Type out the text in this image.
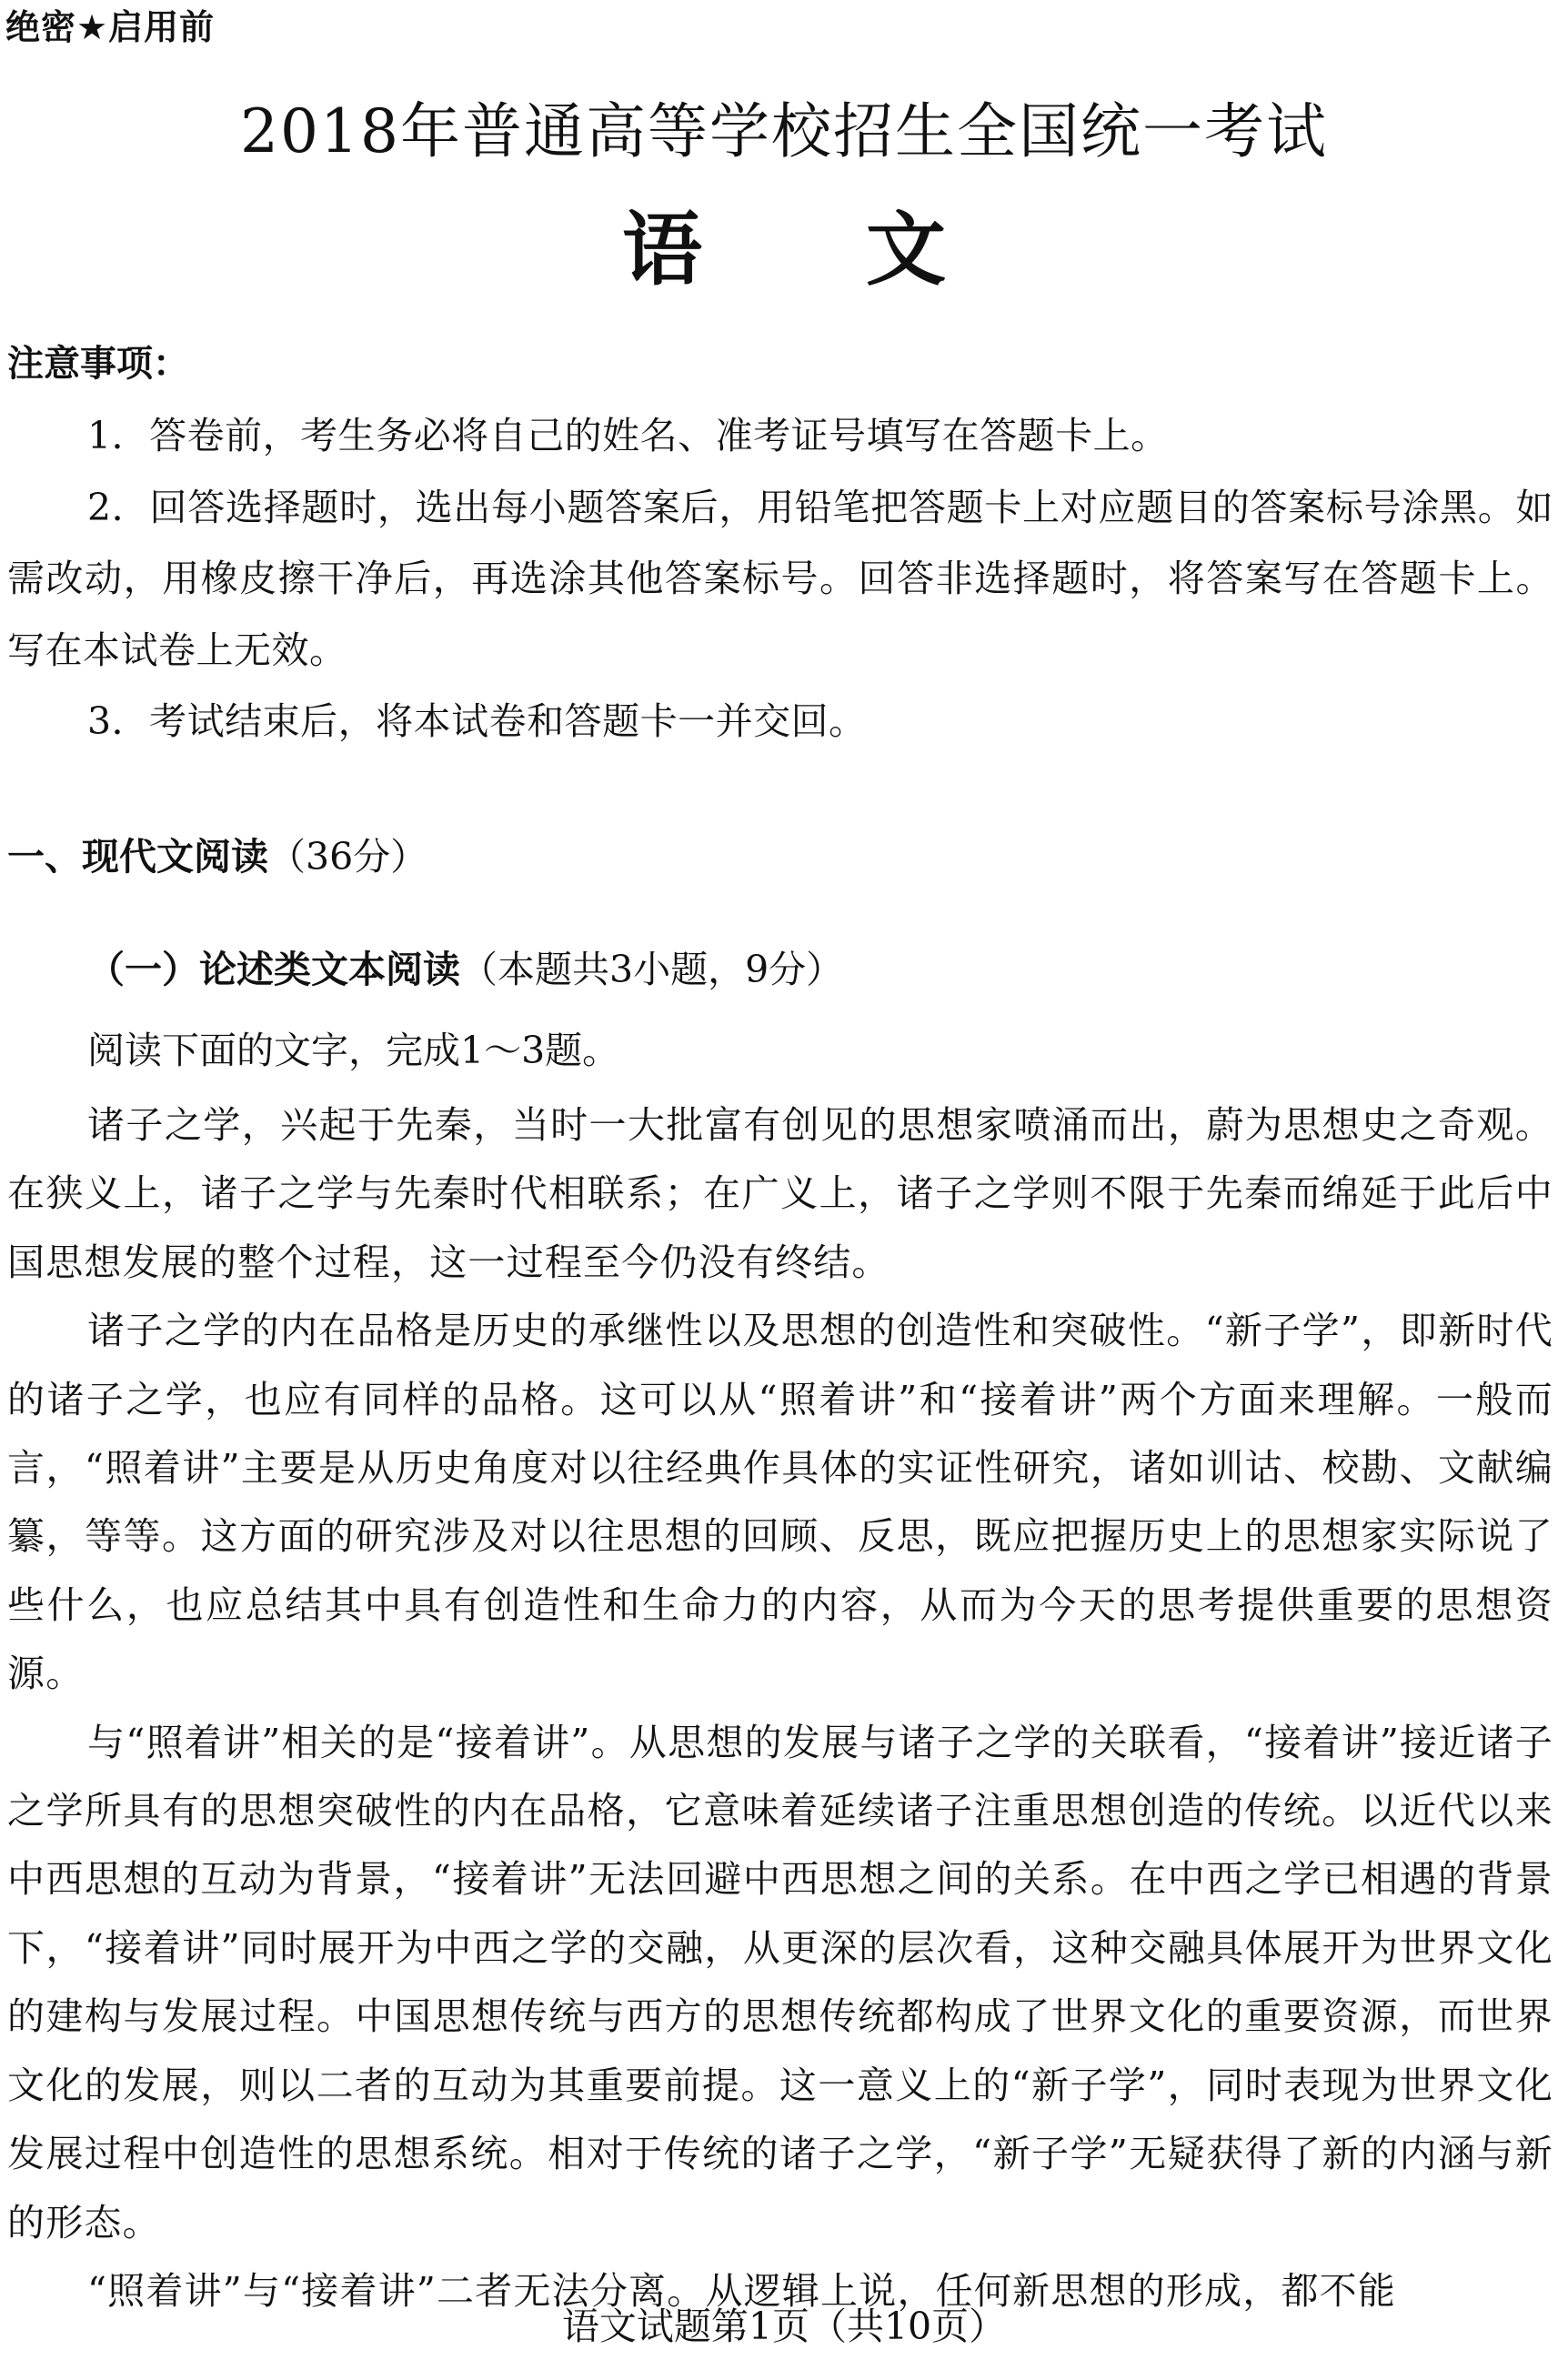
绝密★启用前
2018年普通高等学校招生全国统一考试
语文
注意事项：

1．答卷前，考生务必将自己的姓名、准考证号填写在答题卡上。

2．回答选择题时，选出每小题答案后，用铅笔把答题卡上对应题目的答案标号涂黑。如需改动，用橡皮擦干净后，再选涂其他答案标号。回答非选择题时，将答案写在答题卡上。写在本试卷上无效。

3．考试结束后，将本试卷和答题卡一并交回。

一、现代文阅读（36分）
（一）论述类文本阅读（本题共3小题，9分）
阅读下面的文字，完成1～3题。

诸子之学，兴起于先秦，当时一大批富有创见的思想家喷涌而出，蔚为思想史之奇观。在狭义上，诸子之学与先秦时代相联系；在广义上，诸子之学则不限于先秦而绵延于此后中国思想发展的整个过程，这一过程至今仍没有终结。

诸子之学的内在品格是历史的承继性以及思想的创造性和突破性。“新子学”，即新时代的诸子之学，也应有同样的品格。这可以从“照着讲”和“接着讲”两个方面来理解。一般而言，“照着讲”主要是从历史角度对以往经典作具体的实证性研究，诸如训诂、校勘、文献编纂，等等。这方面的研究涉及对以往思想的回顾、反思，既应把握历史上的思想家实际说了些什么，也应总结其中具有创造性和生命力的内容，从而为今天的思考提供重要的思想资源。

与“照着讲”相关的是“接着讲”。从思想的发展与诸子之学的关联看，“接着讲”接近诸子之学所具有的思想突破性的内在品格，它意味着延续诸子注重思想创造的传统。以近代以来中西思想的互动为背景，“接着讲”无法回避中西思想之间的关系。在中西之学已相遇的背景下，“接着讲”同时展开为中西之学的交融，从更深的层次看，这种交融具体展开为世界文化的建构与发展过程。中国思想传统与西方的思想传统都构成了世界文化的重要资源，而世界文化的发展，则以二者的互动为其重要前提。这一意义上的“新子学”，同时表现为世界文化发展过程中创造性的思想系统。相对于传统的诸子之学，“新子学”无疑获得了新的内涵与新的形态。

“照着讲”与“接着讲”二者无法分离。从逻辑上说，任何新思想的形成，都不能

语文试题第1页（共10页）
